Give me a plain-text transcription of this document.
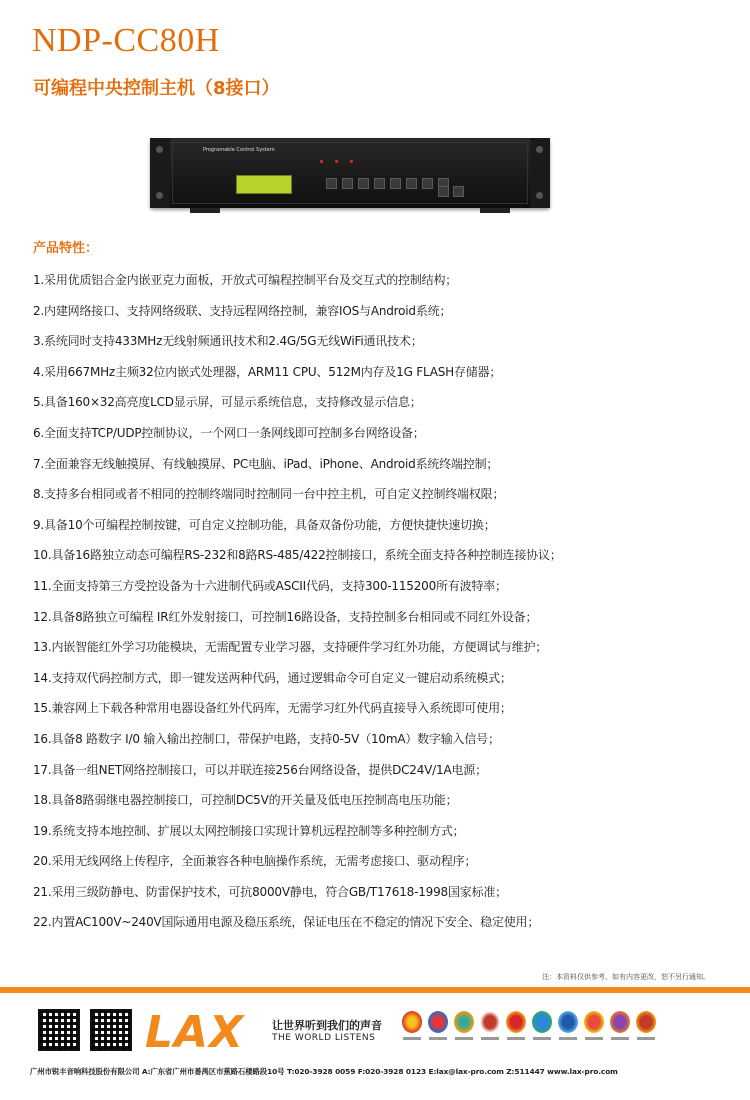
NDP-CC80H
可编程中央控制主机（8接口）
Programable Control System
产品特性：
1.采用优质铝合金内嵌亚克力面板，开放式可编程控制平台及交互式的控制结构；
2.内建网络接口、支持网络级联、支持远程网络控制，兼容IOS与Android系统；
3.系统同时支持433MHz无线射频通讯技术和2.4G/5G无线WiFi通讯技术；
4.采用667MHz主频32位内嵌式处理器，ARM11 CPU、512M内存及1G FLASH存储器；
5.具备160×32高亮度LCD显示屏，可显示系统信息，支持修改显示信息；
6.全面支持TCP/UDP控制协议，一个网口一条网线即可控制多台网络设备；
7.全面兼容无线触摸屏、有线触摸屏、PC电脑、iPad、iPhone、Android系统终端控制；
8.支持多台相同或者不相同的控制终端同时控制同一台中控主机，可自定义控制终端权限；
9.具备10个可编程控制按键，可自定义控制功能，具备双备份功能，方便快捷快速切换；
10.具备16路独立动态可编程RS-232和8路RS-485/422控制接口，系统全面支持各种控制连接协议；
11.全面支持第三方受控设备为十六进制代码或ASCII代码，支持300-115200所有波特率；
12.具备8路独立可编程 IR红外发射接口，可控制16路设备，支持控制多台相同或不同红外设备；
13.内嵌智能红外学习功能模块，无需配置专业学习器，支持硬件学习红外功能，方便调试与维护；
14.支持双代码控制方式，即一键发送两种代码，通过逻辑命令可自定义一键启动系统模式；
15.兼容网上下载各种常用电器设备红外代码库，无需学习红外代码直接导入系统即可使用；
16.具备8 路数字 I/0 输入输出控制口，带保护电路，支持0-5V（10mA）数字输入信号；
17.具备一组NET网络控制接口，可以并联连接256台网络设备，提供DC24V/1A电源；
18.具备8路弱继电器控制接口，可控制DC5V的开关量及低电压控制高电压功能；
19.系统支持本地控制、扩展以太网控制接口实现计算机远程控制等多种控制方式；
20.采用无线网络上传程序，全面兼容各种电脑操作系统，无需考虑接口、驱动程序；
21.采用三级防静电、防雷保护技术，可抗8000V静电，符合GB/T17618-1998国家标准；
22.内置AC100V~240V国际通用电源及稳压系统，保证电压在不稳定的情况下安全、稳定使用；
注：本资料仅供参考，如有内容更改，恕不另行通知。
LAX	让世界听到我们的声音
THE WORLD LISTENS
广州市锐丰音响科技股份有限公司 A:广东省广州市番禺区市蕉路石楼路段10号 T:020-3928 0059 F:020-3928 0123 E:lax@lax-pro.com Z:511447 www.lax-pro.com
